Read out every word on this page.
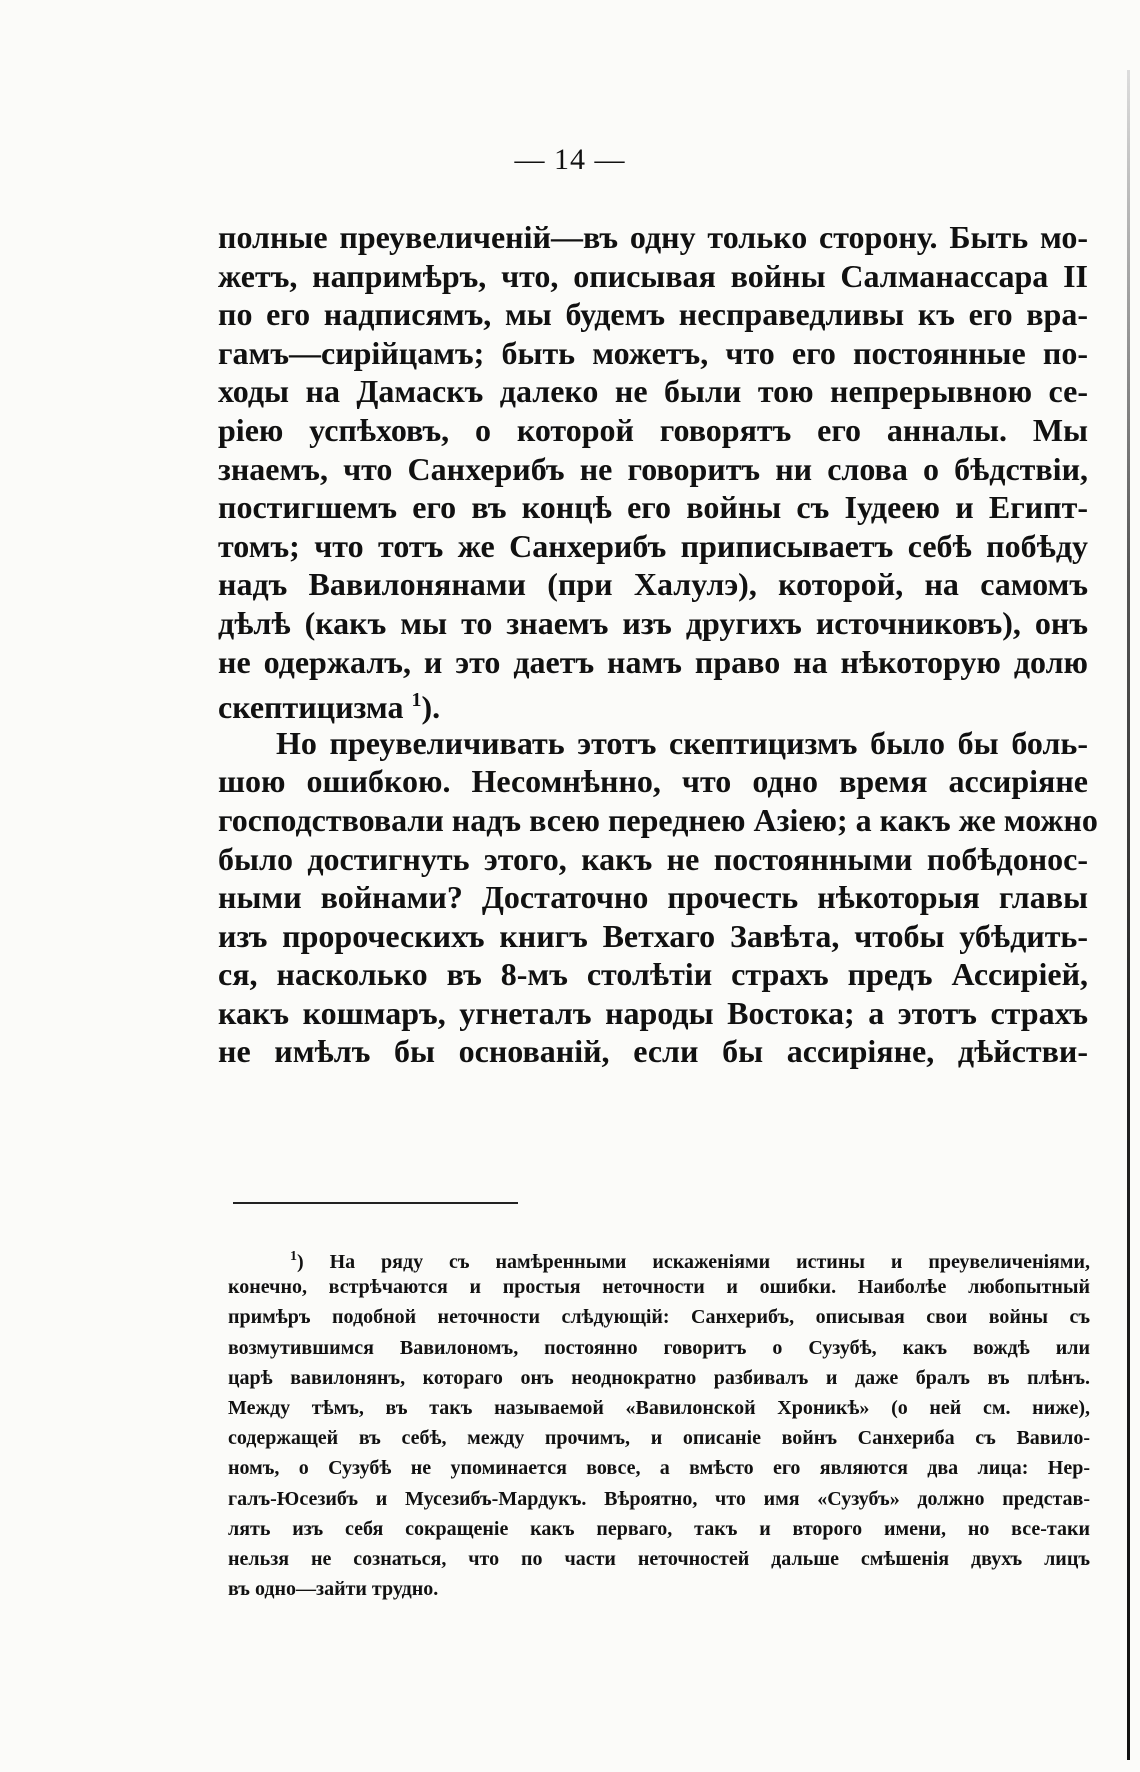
— 14 —
полные преувеличеній—въ одну только сторону. Быть мо-
жетъ, напримѣръ, что, описывая войны Салманассара II
по его надписямъ, мы будемъ несправедливы къ его вра-
гамъ—сирійцамъ; быть можетъ, что его постоянные по-
ходы на Дамаскъ далеко не были тою непрерывною се-
ріею успѣховъ, о которой говорятъ его анналы. Мы
знаемъ, что Санхерибъ не говоритъ ни слова о бѣдствіи,
постигшемъ его въ концѣ его войны съ Іудеею и Египт-
томъ; что тотъ же Санхерибъ приписываетъ себѣ побѣду
надъ Вавилонянами (при Халулэ), которой, на самомъ
дѣлѣ (какъ мы то знаемъ изъ другихъ источниковъ), онъ
не одержалъ, и это даетъ намъ право на нѣкоторую долю
скептицизма $^1$).
Но преувеличивать этотъ скептицизмъ было бы боль-
шою ошибкою. Несомнѣнно, что одно время ассиріяне
господствовали надъ всею переднею Азіею; а какъ же можно
было достигнуть этого, какъ не постоянными побѣдонос-
ными войнами? Достаточно прочесть нѣкоторыя главы
изъ пророческихъ книгъ Ветхаго Завѣта, чтобы убѣдить-
ся, насколько въ 8-мъ столѣтіи страхъ предъ Ассиріей,
какъ кошмаръ, угнеталъ народы Востока; а этотъ страхъ
не имѣлъ бы основаній, если бы ассиріяне, дѣйстви-
$^1$) На ряду съ намѣренными искаженіями истины и преувеличеніями,
конечно, встрѣчаются и простыя неточности и ошибки. Наиболѣе любопытный
примѣръ подобной неточности слѣдующій: Санхерибъ, описывая свои войны съ
возмутившимся Вавилономъ, постоянно говоритъ о Сузубѣ, какъ вождѣ или
царѣ вавилонянъ, котораго онъ неоднократно разбивалъ и даже бралъ въ плѣнъ.
Между тѣмъ, въ такъ называемой «Вавилонской Хроникѣ» (о ней см. ниже),
содержащей въ себѣ, между прочимъ, и описаніе войнъ Санхериба съ Вавило-
номъ, о Сузубѣ не упоминается вовсе, а вмѣсто его являются два лица: Нер-
галъ-Юсезибъ и Мусезибъ-Мардукъ. Вѣроятно, что имя «Сузубъ» должно представ-
лять изъ себя сокращеніе какъ перваго, такъ и второго имени, но все-таки
нельзя не сознаться, что по части неточностей дальше смѣшенія двухъ лицъ
въ одно—зайти трудно.
